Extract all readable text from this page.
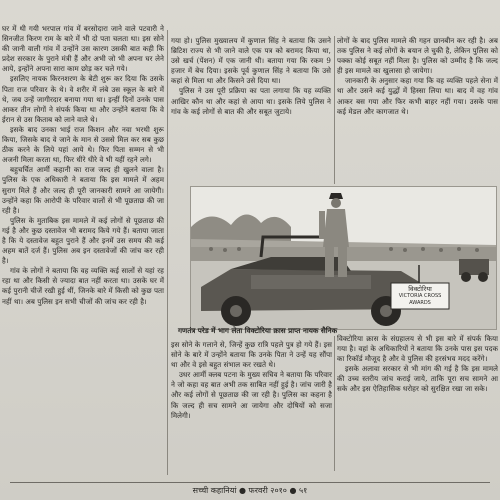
घर में थी गयी भरपाल गांव में बरसोदारा जाने वाले पटवारी ने सिनजीत किरण राम के बारे में भी दो पता चलता था। इस सोने की जानी वाली गांव में उन्होंने उस कारण उसकी बात कही कि प्रदेश सरकार के पुराने मंत्री हैं और अभी जो भी अपना घर लेने आये, इन्होंने अपना सारा काम छोड़ कर चले गये।

इसलिए नायक किरनशरण के बेटी शुरू कर दिया कि उसके पिता राज परिवार के थे। वे शरीर में लंबे उस स्कूल के बारे में थे, जब उन्हें जागीरदार बनाया गया था। इन्हीं दिनों उनके पास आकर तीन लोगों ने संपर्क किया था और उन्होंने बताया कि वे ईरान से उस किताब को लाने वाले थे।

इसके बाद उनका भाई राज किशन और नवा भरथी शुरू किया, जिसके बाद वे जाने के मान से उससे मिल कर सब कुछ ठीक करने के लिये यहां आये थे। फिर पिता सम्मन से भी अजनी मिला करता था, फिर धीरे धीरे वे भी यहीं रहने लगे।

बहुचर्चित आर्मी कहानी का राज जल्द ही खुलने वाला है। पुलिस के एक अधिकारी ने बताया कि इस मामले में अहम सुराग मिले हैं और जल्द ही पूरी जानकारी सामने आ जायेगी। उन्होंने कहा कि आरोपी के परिवार वालों से भी पूछताछ की जा रही है।

पुलिस के मुताबिक इस मामले में कई लोगों से पूछताछ की गई है और कुछ दस्तावेज भी बरामद किये गये हैं। बताया जाता है कि ये दस्तावेज बहुत पुराने हैं और इनमें उस समय की कई अहम बातें दर्ज हैं। पुलिस अब इन दस्तावेजों की जांच कर रही है।

गांव के लोगों ने बताया कि वह व्यक्ति कई सालों से यहां रह रहा था और किसी से ज्यादा बात नहीं करता था। उसके घर में कई पुरानी चीजें रखी हुई थीं, जिनके बारे में किसी को कुछ पता नहीं था। अब पुलिस इन सभी चीजों की जांच कर रही है।

गया हो। पुलिस मुख्यालय में कुणाल सिंह ने बताया कि उसने ब्रिटिश राज्य से भी जाने वाले एक पत्र को बरामद किया था, उसे खर्च (पेंशन) में एक जानी थी। बताया गया कि रकम 9 हजार में बेच दिया। इसके पूर्व कुणाल सिंह ने बताया कि उसे कहां से मिला था और किसने उसे दिया था।

पुलिस ने उस पूरी प्रक्रिया का पता लगाया कि यह व्यक्ति आखिर कौन था और कहां से आया था। इसके लिये पुलिस ने गांव के कई लोगों से बात की और सबूत जुटाये।

लोगों के बाद पुलिस मामले की गहन छानबीन कर रही है। अब तक पुलिस ने कई लोगों के बयान ले चुकी है, लेकिन पुलिस को पक्का कोई सबूत नहीं मिला है। पुलिस को उम्मीद है कि जल्द ही इस मामले का खुलासा हो जायेगा।

जानकारी के अनुसार कहा गया कि वह व्यक्ति पहले सेना में था और उसने कई युद्धों में हिस्सा लिया था। बाद में वह गांव आकर बस गया और फिर कभी बाहर नहीं गया। उसके पास कई मेडल और कागजात थे।

विक्टोरिया
VICTORIA CROSS AWARDS
गणतंत्र परेड में भाग लेता विक्टोरिया क्रास प्राप्त नायक सैनिक

इस सोने के गलाने से, जिन्हें कुछ रात्रि पहले पुत्र हो गये हैं। इस सोने के बारे में उन्होंने बताया कि उनके पिता ने उन्हें यह सौंपा था और वे इसे बहुत संभाल कर रखते थे।

उधर आर्मी क्लब पटना के मुख्य सचिव ने बताया कि परिवार ने जो कहा वह बात अभी तक साबित नहीं हुई है। जांच जारी है और कई लोगों से पूछताछ की जा रही है। पुलिस का कहना है कि जल्द ही सच सामने आ जायेगा और दोषियों को सजा मिलेगी।

विक्टोरिया क्रास के संग्रहालय से भी इस बारे में संपर्क किया गया है। वहां के अधिकारियों ने बताया कि उनके पास इस पदक का रिकॉर्ड मौजूद है और वे पुलिस की हरसंभव मदद करेंगे।

इसके अलावा सरकार से भी मांग की गई है कि इस मामले की उच्च स्तरीय जांच कराई जाये, ताकि पूरा सच सामने आ सके और इस ऐतिहासिक धरोहर को सुरक्षित रखा जा सके।

सच्ची कहानियां ● फरवरी २०१० ● ५१
